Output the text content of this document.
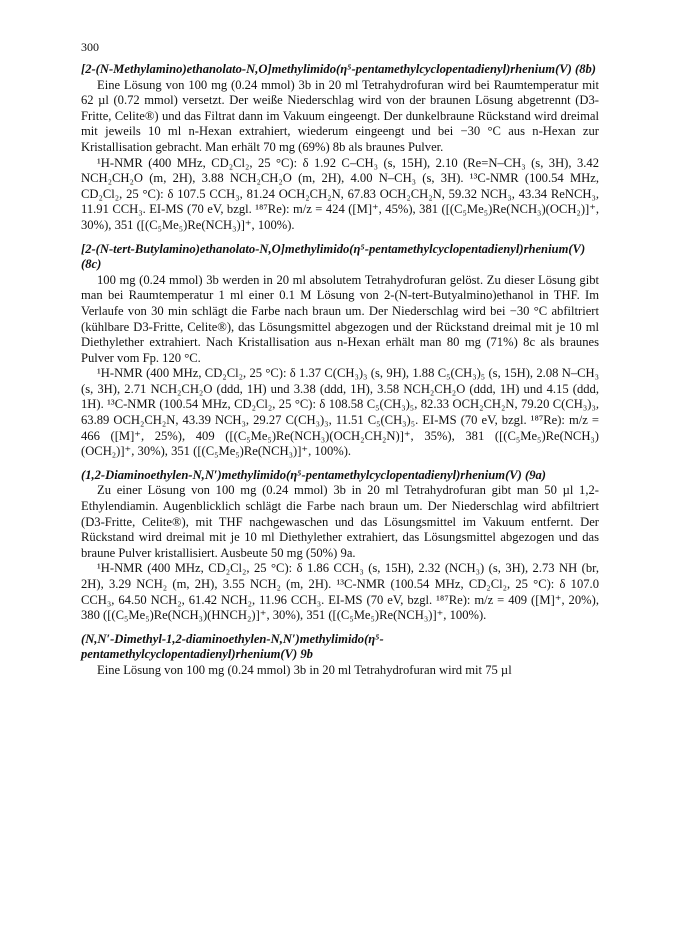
300

[2-(N-Methylamino)ethanolato-N,O]methylimido(η⁵-pentamethylcyclopentadienyl)rhenium(V) (8b)

Eine Lösung von 100 mg (0.24 mmol) 3b in 20 ml Tetrahydrofuran wird bei Raumtemperatur mit 62 µl (0.72 mmol) versetzt. Der weiße Niederschlag wird von der braunen Lösung abgetrennt (D3-Fritte, Celite®) und das Filtrat dann im Vakuum eingeengt. Der dunkelbraune Rückstand wird dreimal mit jeweils 10 ml n-Hexan extrahiert, wiederum eingeengt und bei −30 °C aus n-Hexan zur Kristallisation gebracht. Man erhält 70 mg (69%) 8b als braunes Pulver.

¹H-NMR (400 MHz, CD₂Cl₂, 25 °C): δ 1.92 C–CH₃ (s, 15H), 2.10 (Re=N–CH₃ (s, 3H), 3.42 NCH₂CH₂O (m, 2H), 3.88 NCH₂CH₂O (m, 2H), 4.00 N–CH₃ (s, 3H). ¹³C-NMR (100.54 MHz, CD₂Cl₂, 25 °C): δ 107.5 CCH₃, 81.24 OCH₂CH₂N, 67.83 OCH₂CH₂N, 59.32 NCH₃, 43.34 ReNCH₃, 11.91 CCH₃. EI-MS (70 eV, bzgl. ¹⁸⁷Re): m/z = 424 ([M]⁺, 45%), 381 ([(C₅Me₅)Re(NCH₃)(OCH₂)]⁺, 30%), 351 ([(C₅Me₅)Re(NCH₃)]⁺, 100%).

[2-(N-tert-Butylamino)ethanolato-N,O]methylimido(η⁵-pentamethylcyclopentadienyl)rhenium(V) (8c)

100 mg (0.24 mmol) 3b werden in 20 ml absolutem Tetrahydrofuran gelöst. Zu dieser Lösung gibt man bei Raumtemperatur 1 ml einer 0.1 M Lösung von 2-(N-tert-Butyalmino)ethanol in THF. Im Verlaufe von 30 min schlägt die Farbe nach braun um. Der Niederschlag wird bei −30 °C abfiltriert (kühlbare D3-Fritte, Celite®), das Lösungsmittel abgezogen und der Rückstand dreimal mit je 10 ml Diethylether extrahiert. Nach Kristallisation aus n-Hexan erhält man 80 mg (71%) 8c als braunes Pulver vom Fp. 120 °C.

¹H-NMR (400 MHz, CD₂Cl₂, 25 °C): δ 1.37 C(CH₃)₃ (s, 9H), 1.88 C₅(CH₃)₅ (s, 15H), 2.08 N–CH₃ (s, 3H), 2.71 NCH₂CH₂O (ddd, 1H) und 3.38 (ddd, 1H), 3.58 NCH₂CH₂O (ddd, 1H) und 4.15 (ddd, 1H). ¹³C-NMR (100.54 MHz, CD₂Cl₂, 25 °C): δ 108.58 C₅(CH₃)₅, 82.33 OCH₂CH₂N, 79.20 C(CH₃)₃, 63.89 OCH₂CH₂N, 43.39 NCH₃, 29.27 C(CH₃)₃, 11.51 C₅(CH₃)₅. EI-MS (70 eV, bzgl. ¹⁸⁷Re): m/z = 466 ([M]⁺, 25%), 409 ([(C₅Me₅)Re(NCH₃)(OCH₂CH₂N)]⁺, 35%), 381 ([(C₅Me₅)Re(NCH₃)(OCH₂)]⁺, 30%), 351 ([(C₅Me₅)Re(NCH₃)]⁺, 100%).

(1,2-Diaminoethylen-N,N′)methylimido(η⁵-pentamethylcyclopentadienyl)rhenium(V) (9a)

Zu einer Lösung von 100 mg (0.24 mmol) 3b in 20 ml Tetrahydrofuran gibt man 50 µl 1,2-Ethylendiamin. Augenblicklich schlägt die Farbe nach braun um. Der Niederschlag wird abfiltriert (D3-Fritte, Celite®), mit THF nachgewaschen und das Lösungsmittel im Vakuum entfernt. Der Rückstand wird dreimal mit je 10 ml Diethylether extrahiert, das Lösungsmittel abgezogen und das braune Pulver kristallisiert. Ausbeute 50 mg (50%) 9a.

¹H-NMR (400 MHz, CD₂Cl₂, 25 °C): δ 1.86 CCH₃ (s, 15H), 2.32 (NCH₃) (s, 3H), 2.73 NH (br, 2H), 3.29 NCH₂ (m, 2H), 3.55 NCH₂ (m, 2H). ¹³C-NMR (100.54 MHz, CD₂Cl₂, 25 °C): δ 107.0 CCH₃, 64.50 NCH₂, 61.42 NCH₂, 11.96 CCH₃. EI-MS (70 eV, bzgl. ¹⁸⁷Re): m/z = 409 ([M]⁺, 20%), 380 ([(C₅Me₅)Re(NCH₃)(HNCH₂)]⁺, 30%), 351 ([(C₅Me₅)Re(NCH₃)]⁺, 100%).

(N,N′-Dimethyl-1,2-diaminoethylen-N,N′)methylimido(η⁵-pentamethylcyclopentadienyl)rhenium(V) 9b

Eine Lösung von 100 mg (0.24 mmol) 3b in 20 ml Tetrahydrofuran wird mit 75 µl
